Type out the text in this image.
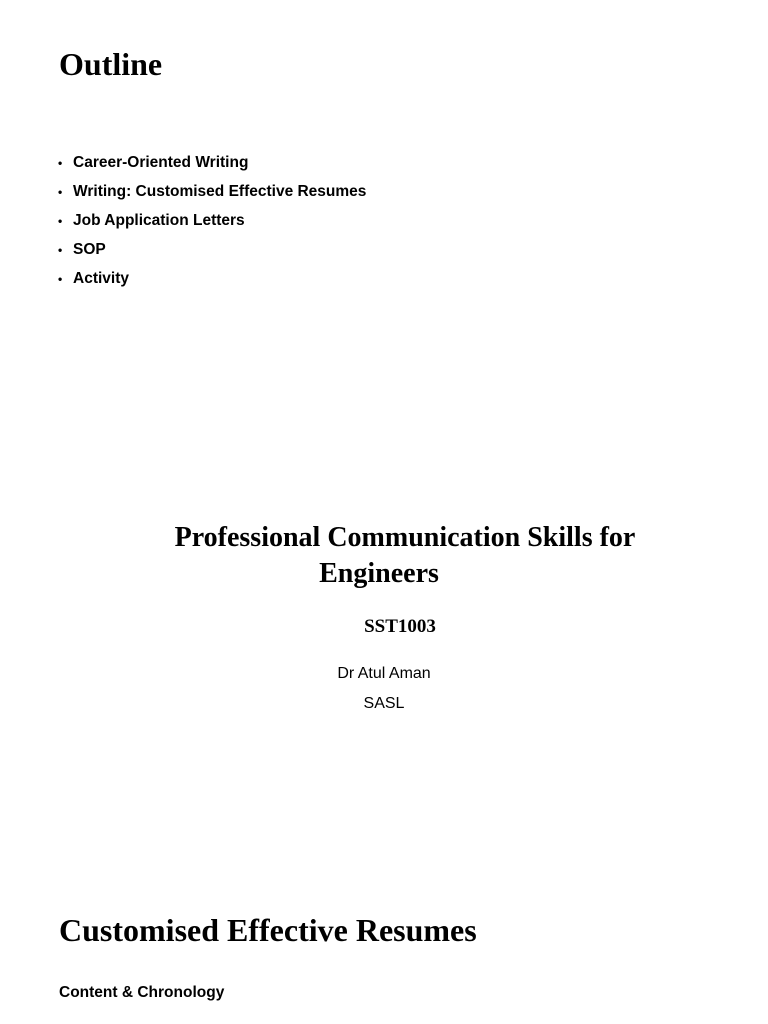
Outline
• Career-Oriented Writing
• Writing: Customised Effective Resumes
• Job Application Letters
• SOP
• Activity
Professional Communication Skills for
Engineers
SST1003
Dr Atul Aman
SASL
Customised Effective Resumes
Content & Chronology
